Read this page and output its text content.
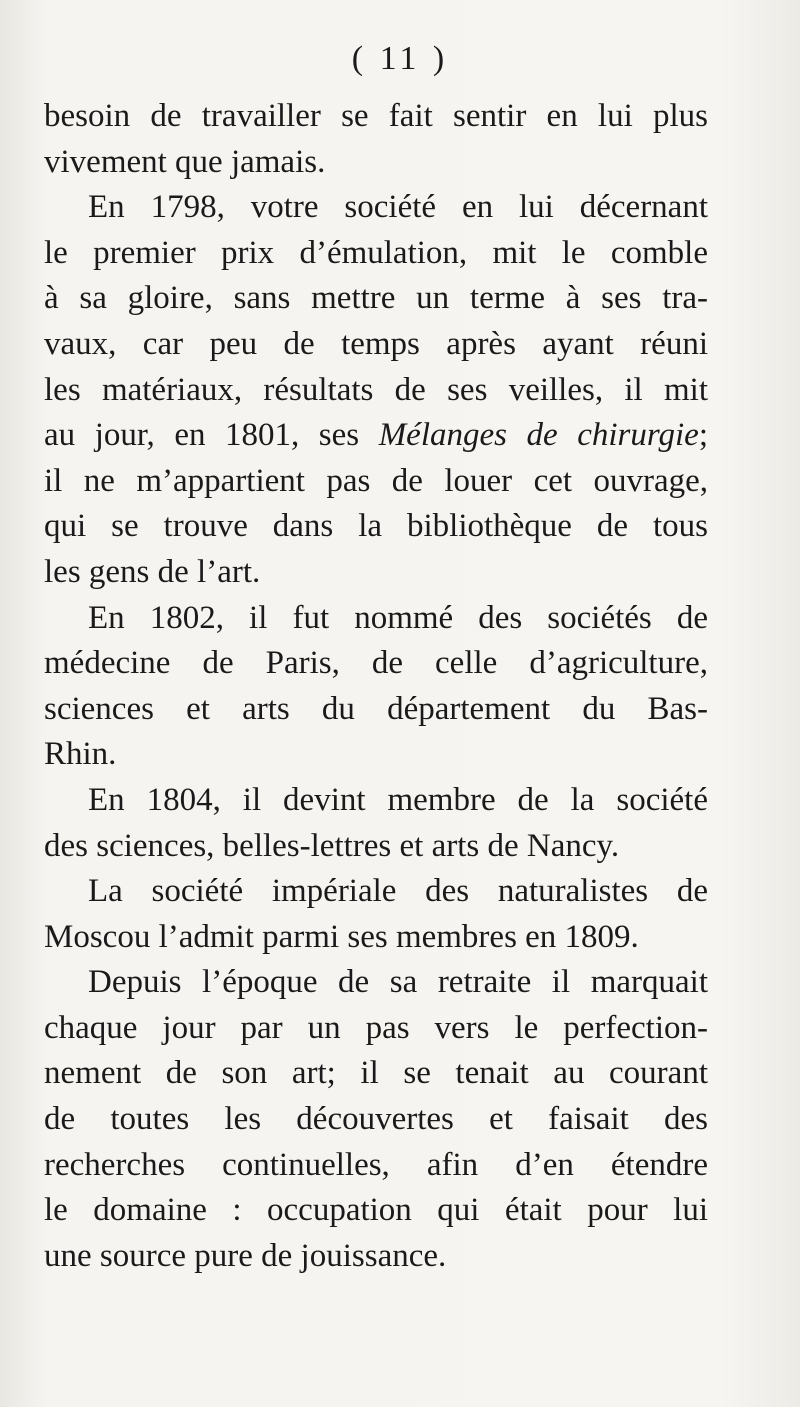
( 11 )
besoin de travailler se fait sentir en lui plus
vivement que jamais.
En 1798, votre société en lui décernant
le premier prix d’émulation, mit le comble
à sa gloire, sans mettre un terme à ses tra-
vaux, car peu de temps après ayant réuni
les matériaux, résultats de ses veilles, il mit
au jour, en 1801, ses Mélanges de chirurgie;
il ne m’appartient pas de louer cet ouvrage,
qui se trouve dans la bibliothèque de tous
les gens de l’art.
En 1802, il fut nommé des sociétés de
médecine de Paris, de celle d’agriculture,
sciences et arts du département du Bas-
Rhin.
En 1804, il devint membre de la société
des sciences, belles-lettres et arts de Nancy.
La société impériale des naturalistes de
Moscou l’admit parmi ses membres en 1809.
Depuis l’époque de sa retraite il marquait
chaque jour par un pas vers le perfection-
nement de son art; il se tenait au courant
de toutes les découvertes et faisait des
recherches continuelles, afin d’en étendre
le domaine : occupation qui était pour lui
une source pure de jouissance.
